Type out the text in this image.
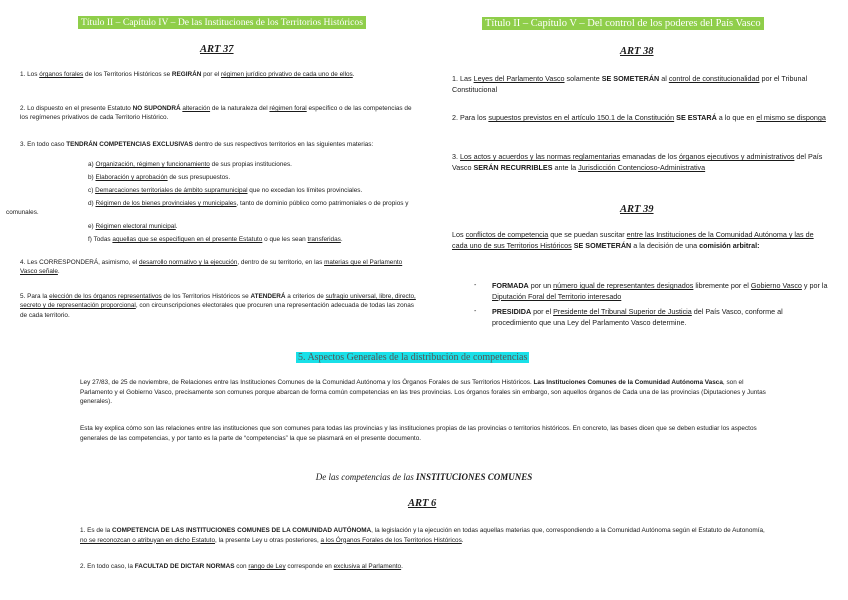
Título II – Capítulo IV – De las Instituciones de los Territorios Históricos
ART 37

1. Los órganos forales de los Territorios Históricos se REGIRÁN por el régimen jurídico privativo de cada uno de ellos.

2. Lo dispuesto en el presente Estatuto NO SUPONDRÁ alteración de la naturaleza del régimen foral específico o de las competencias de los regímenes privativos de cada Territorio Histórico.

3. En todo caso TENDRÁN COMPETENCIAS EXCLUSIVAS dentro de sus respectivos territorios en las siguientes materias:

a) Organización, régimen y funcionamiento de sus propias instituciones.

b) Elaboración y aprobación de sus presupuestos.

c) Demarcaciones territoriales de ámbito supramunicipal que no excedan los límites provinciales.

d) Régimen de los bienes provinciales y municipales, tanto de dominio público como patrimoniales o de propios y comunales.

e) Régimen electoral municipal.

f) Todas aquellas que se especifiquen en el presente Estatuto o que les sean transferidas.

4. Les CORRESPONDERÁ, asimismo, el desarrollo normativo y la ejecución, dentro de su territorio, en las materias que el Parlamento Vasco señale.

5. Para la elección de los órganos representativos de los Territorios Históricos se ATENDERÁ a criterios de sufragio universal, libre, directo, secreto y de representación proporcional, con circunscripciones electorales que procuren una representación adecuada de todas las zonas de cada territorio.

Título II – Capítulo V – Del control de los poderes del País Vasco
ART 38

1. Las Leyes del Parlamento Vasco solamente SE SOMETERÁN al control de constitucionalidad por el Tribunal Constitucional

2. Para los supuestos previstos en el artículo 150.1 de la Constitución SE ESTARÁ a lo que en el mismo se disponga

3. Los actos y acuerdos y las normas reglamentarias emanadas de los órganos ejecutivos y administrativos del País Vasco SERÁN RECURRIBLES ante la Jurisdicción Contencioso-Administrativa

ART 39

Los conflictos de competencia que se puedan suscitar entre las Instituciones de la Comunidad Autónoma y las de cada uno de sus Territorios Históricos SE SOMETERÁN a la decisión de una comisión arbitral:

- FORMADA por un número igual de representantes designados libremente por el Gobierno Vasco y por la Diputación Foral del Territorio interesado

- PRESIDIDA por el Presidente del Tribunal Superior de Justicia del País Vasco, conforme al procedimiento que una Ley del Parlamento Vasco determine.

5. Aspectos Generales de la distribución de competencias

Ley 27/83, de 25 de noviembre, de Relaciones entre las Instituciones Comunes de la Comunidad Autónoma y los Órganos Forales de sus Territorios Históricos. Las Instituciones Comunes de la Comunidad Autónoma Vasca, son el Parlamento y el Gobierno Vasco, precisamente son comunes porque abarcan de forma común competencias en las tres provincias. Los órganos forales sin embargo, son aquellos órganos de Cada una de las provincias (Diputaciones y Juntas generales).

Esta ley explica cómo son las relaciones entre las instituciones que son comunes para todas las provincias y las instituciones propias de las provincias o territorios históricos. En concreto, las bases dicen que se deben estudiar los aspectos generales de las competencias, y por tanto es la parte de “competencias” la que se plasmará en el presente documento.

De las competencias de las INSTITUCIONES COMUNES
ART 6

1. Es de la COMPETENCIA DE LAS INSTITUCIONES COMUNES DE LA COMUNIDAD AUTÓNOMA, la legislación y la ejecución en todas aquellas materias que, correspondiendo a la Comunidad Autónoma según el Estatuto de Autonomía, no se reconozcan o atribuyan en dicho Estatuto, la presente Ley u otras posteriores, a los Órganos Forales de los Territorios Históricos.

2. En todo caso, la FACULTAD DE DICTAR NORMAS con rango de Ley corresponde en exclusiva al Parlamento.
